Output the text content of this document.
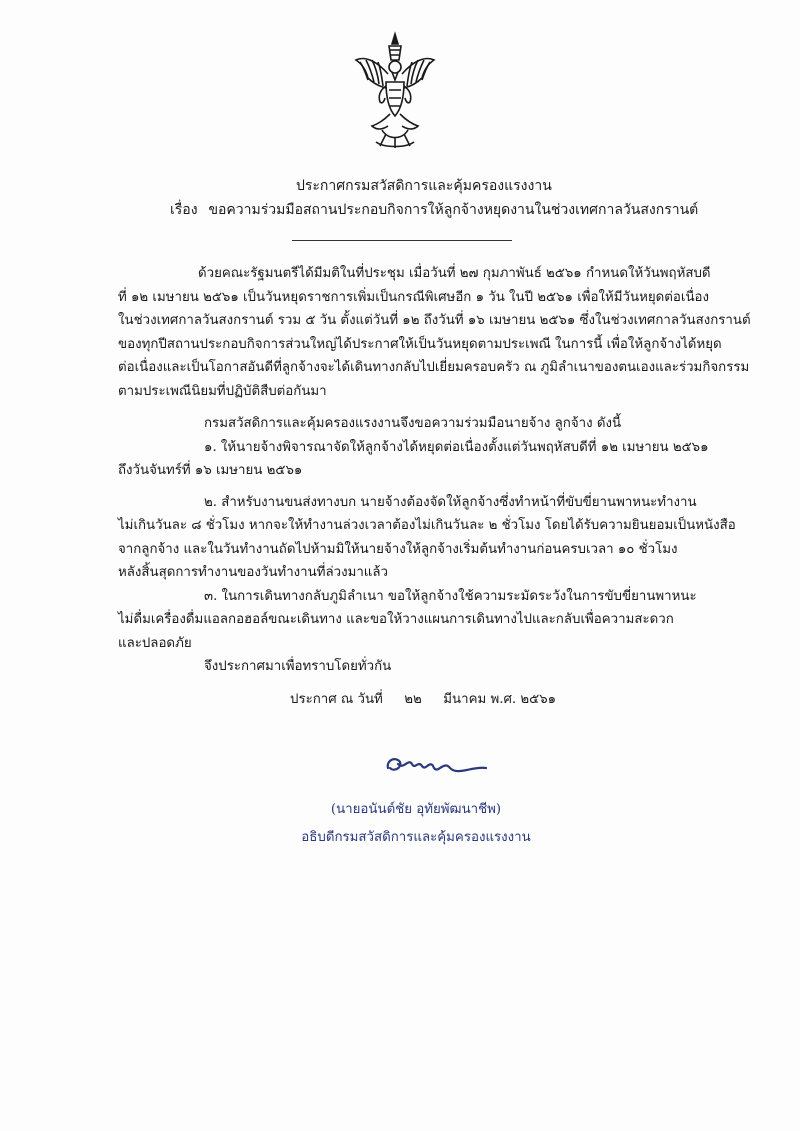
ประกาศกรมสวัสดิการและคุ้มครองแรงงาน
เรื่อง ขอความร่วมมือสถานประกอบกิจการให้ลูกจ้างหยุดงานในช่วงเทศกาลวันสงกรานต์
ด้วยคณะรัฐมนตรีได้มีมติในที่ประชุม เมื่อวันที่ ๒๗ กุมภาพันธ์ ๒๕๖๑ กำหนดให้วันพฤหัสบดี
ที่ ๑๒ เมษายน ๒๕๖๑ เป็นวันหยุดราชการเพิ่มเป็นกรณีพิเศษอีก ๑ วัน ในปี ๒๕๖๑ เพื่อให้มีวันหยุดต่อเนื่อง
ในช่วงเทศกาลวันสงกรานต์ รวม ๕ วัน ตั้งแต่วันที่ ๑๒ ถึงวันที่ ๑๖ เมษายน ๒๕๖๑ ซึ่งในช่วงเทศกาลวันสงกรานต์
ของทุกปีสถานประกอบกิจการส่วนใหญ่ได้ประกาศให้เป็นวันหยุดตามประเพณี ในการนี้ เพื่อให้ลูกจ้างได้หยุด
ต่อเนื่องและเป็นโอกาสอันดีที่ลูกจ้างจะได้เดินทางกลับไปเยี่ยมครอบครัว ณ ภูมิลำเนาของตนเองและร่วมกิจกรรม
ตามประเพณีนิยมที่ปฏิบัติสืบต่อกันมา
กรมสวัสดิการและคุ้มครองแรงงานจึงขอความร่วมมือนายจ้าง ลูกจ้าง ดังนี้
๑. ให้นายจ้างพิจารณาจัดให้ลูกจ้างได้หยุดต่อเนื่องตั้งแต่วันพฤหัสบดีที่ ๑๒ เมษายน ๒๕๖๑
ถึงวันจันทร์ที่ ๑๖ เมษายน ๒๕๖๑
๒. สำหรับงานขนส่งทางบก นายจ้างต้องจัดให้ลูกจ้างซึ่งทำหน้าที่ขับขี่ยานพาหนะทำงาน
ไม่เกินวันละ ๘ ชั่วโมง หากจะให้ทำงานล่วงเวลาต้องไม่เกินวันละ ๒ ชั่วโมง โดยได้รับความยินยอมเป็นหนังสือ
จากลูกจ้าง และในวันทำงานถัดไปห้ามมิให้นายจ้างให้ลูกจ้างเริ่มต้นทำงานก่อนครบเวลา ๑๐ ชั่วโมง
หลังสิ้นสุดการทำงานของวันทำงานที่ล่วงมาแล้ว
๓. ในการเดินทางกลับภูมิลำเนา ขอให้ลูกจ้างใช้ความระมัดระวังในการขับขี่ยานพาหนะ
ไม่ดื่มเครื่องดื่มแอลกอฮอล์ขณะเดินทาง และขอให้วางแผนการเดินทางไปและกลับเพื่อความสะดวก
และปลอดภัย
จึงประกาศมาเพื่อทราบโดยทั่วกัน
ประกาศ ณ วันที่ ๒๒ มีนาคม พ.ศ. ๒๕๖๑
(นายอนันต์ชัย อุทัยพัฒนาชีพ)
อธิบดีกรมสวัสดิการและคุ้มครองแรงงาน
